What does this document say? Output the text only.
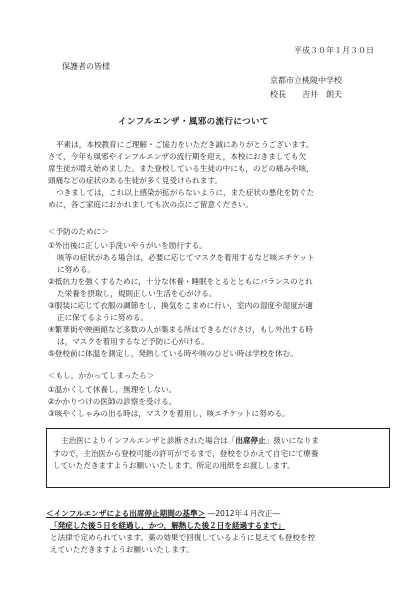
平成３０年１月３０日
保護者の皆様
京都市立桃陵中学校
校長　　吉井　朗夫
インフルエンザ・風邪の流行について

平素は，本校教育にご理解・ご協力をいただき誠にありがとうございます。

さて，今年も風邪やインフルエンザの流行期を迎え，本校におきましても欠

席生徒が増え始めました。また登校している生徒の中にも，のどの痛みや咳，

頭痛などの症状のある生徒が多く見受けられます。

つきましては，これ以上感染が拡がらないように，また症状の悪化を防ぐた

めに，各ご家庭におかれましても次の点にご留意ください。

＜予防のために＞
①外出後に正しい手洗いやうがいを励行する。
咳等の症状がある場合は，必要に応じてマスクを着用するなど咳エチケット
に努める。
②抵抗力を強くするために，十分な休養・睡眠をとるとともにバランスのとれ
た栄養を摂取し，規則正しい生活を心がける。
③服装に応じて衣服の調節をし，換気をこまめに行い，室内の湿度や湿度が適
正に保てるように努める。
④繁華街や映画館など多数の人が集まる所はできるだけさけ，もし外出する時
は，マスクを着用するなど予防に心がける。
⑤登校前に体温を測定し，発熱している時や咳のひどい時は学校を休む。
＜もし，かかってしまったら＞
①温かくして休養し，無理をしない。
②かかりつけの医師の診察を受ける。
③咳やくしゃみの出る時は，マスクを着用し，咳エチケットに努める。

主治医によりインフルエンザと診断された場合は「出席停止」扱いになりま

すので，主治医から登校可能の許可がでるまで，登校をひかえて自宅にて療養

していただきますようお願いいたします。所定の用紙をお渡しします。

＜インフルエンザによる出席停止期間の基準＞ ―2012年４月改正―
「発症した後５日を経過し，かつ，解熱した後２日を経過するまで」
と法律で定められています。薬の効果で回復しているように見えても登校を控
えていただきますようお願いいたします。
